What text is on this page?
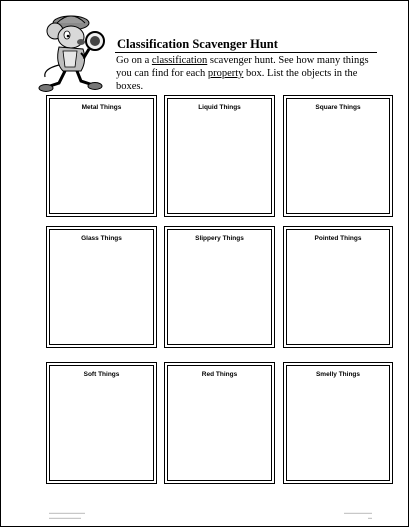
Classification Scavenger Hunt
Go on a classification scavenger hunt. See how many things you can find for each property box. List the objects in the boxes.
Metal Things	Liquid Things	Square Things
Glass Things	Slippery Things	Pointed Things
Soft Things	Red Things	Smelly Things
▬▬▬▬▬▬▬▬▬
▬▬▬▬▬▬▬▬
▬▬▬▬▬▬▬
▬
